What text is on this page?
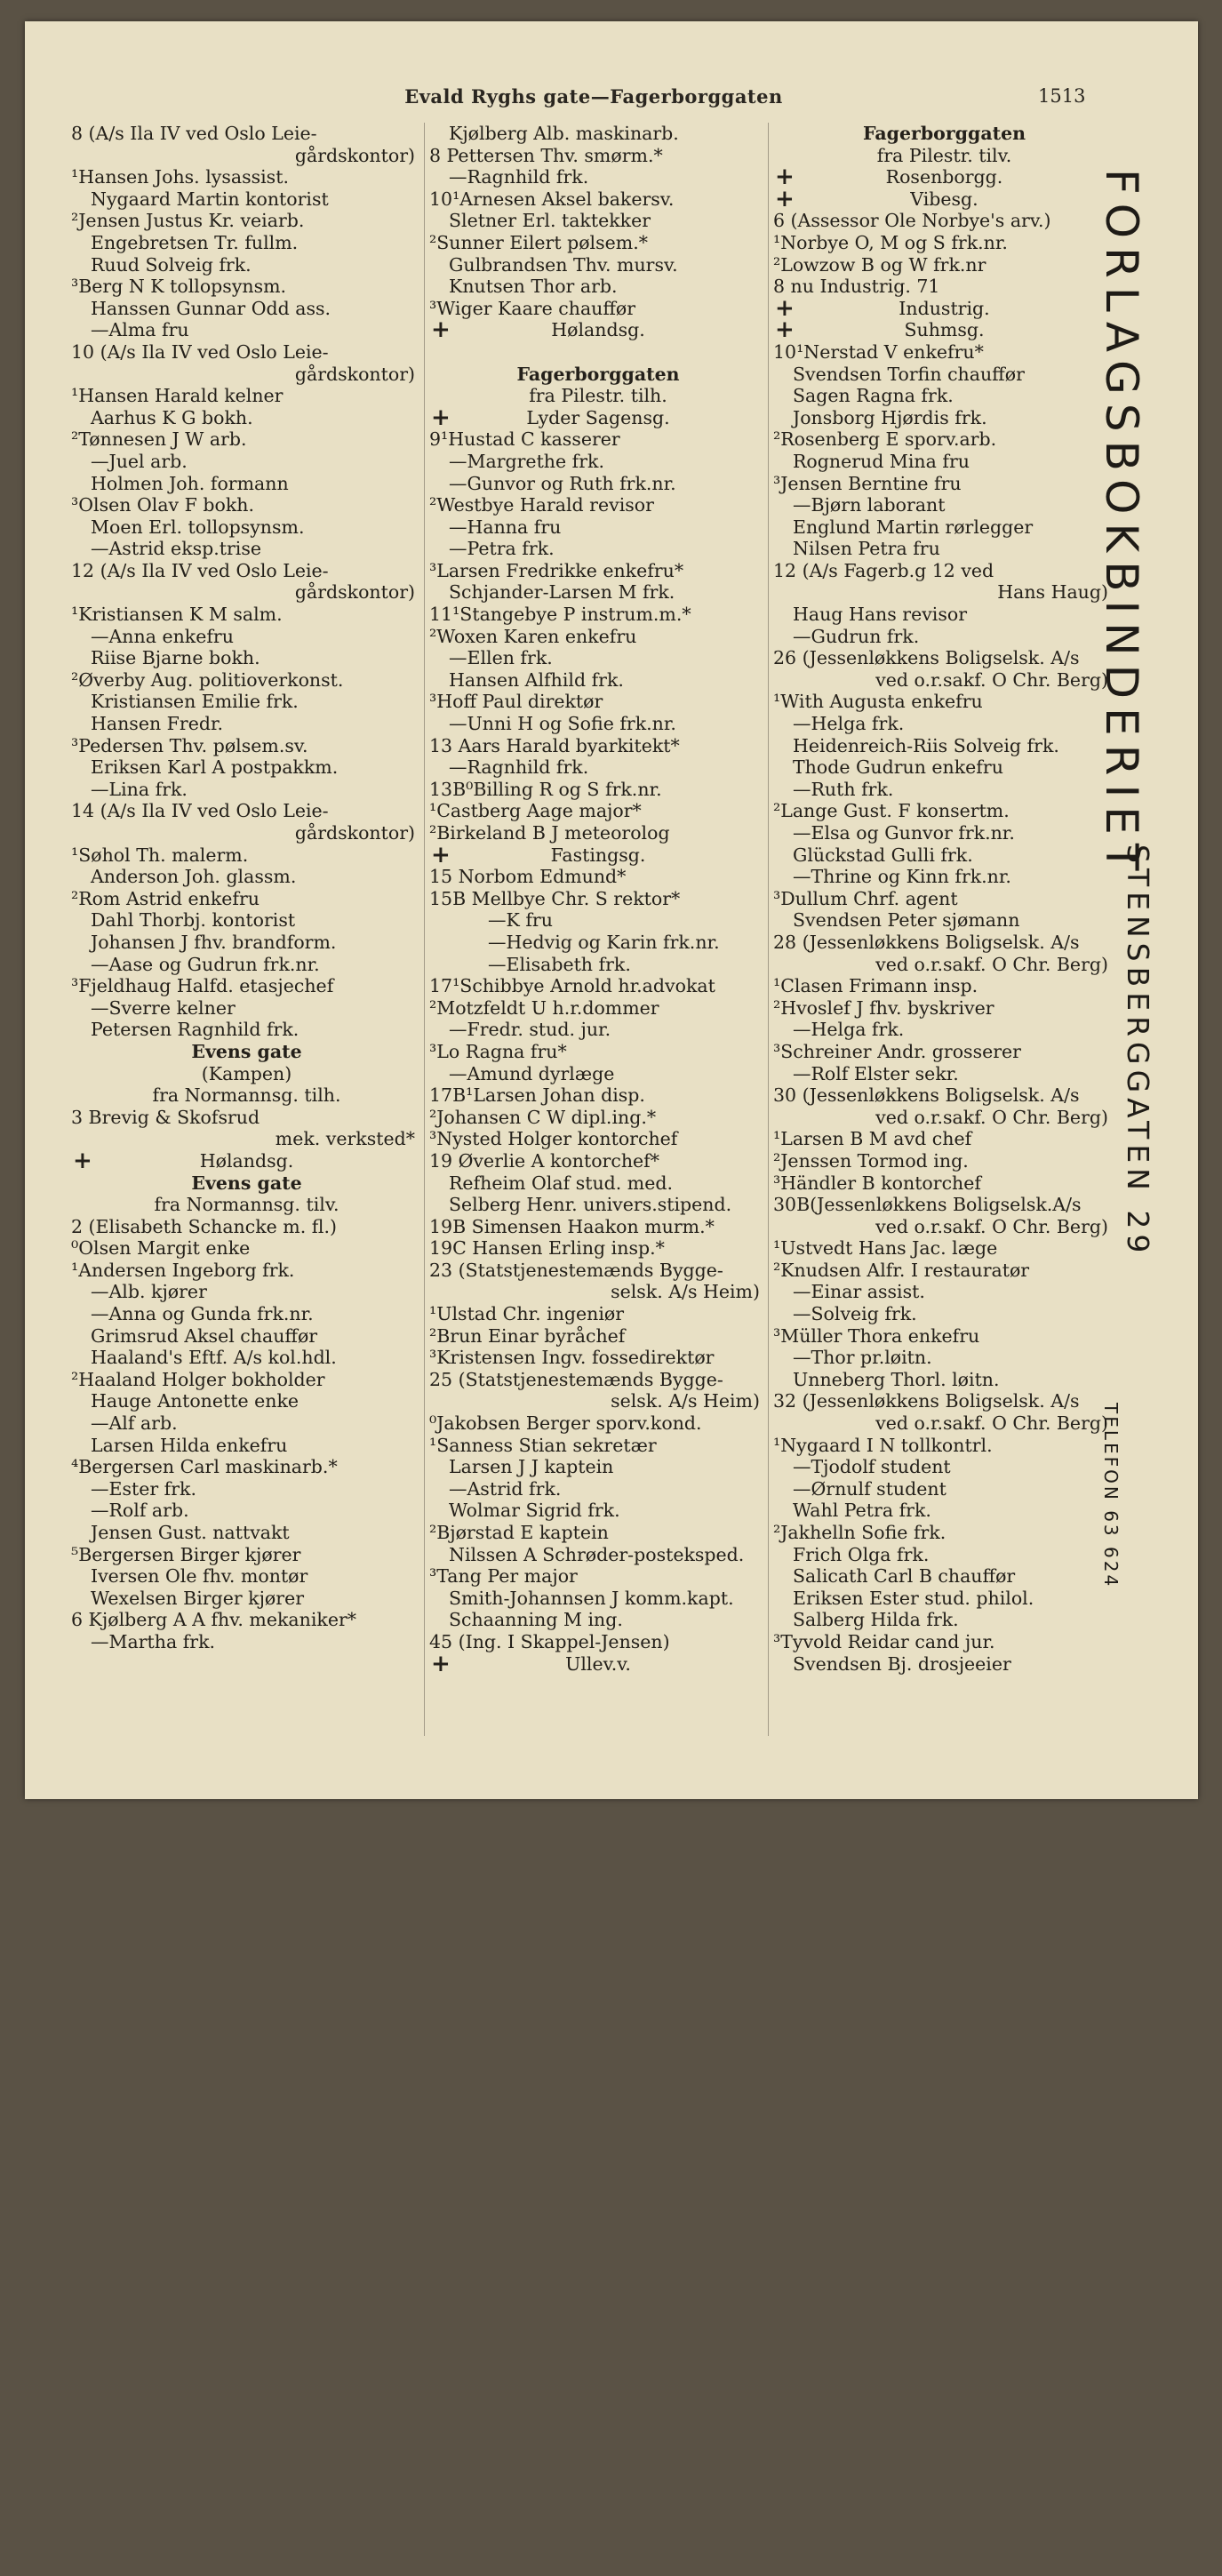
Evald Ryghs gate—Fagerborggaten	1513
8 (A/s Ila IV ved Oslo Leie-
gårdskontor)
¹Hansen Johs. lysassist.
Nygaard Martin kontorist
²Jensen Justus Kr. veiarb.
Engebretsen Tr. fullm.
Ruud Solveig frk.
³Berg N K tollopsynsm.
Hanssen Gunnar Odd ass.
—Alma fru
10 (A/s Ila IV ved Oslo Leie-
gårdskontor)
¹Hansen Harald kelner
Aarhus K G bokh.
²Tønnesen J W arb.
—Juel arb.
Holmen Joh. formann
³Olsen Olav F bokh.
Moen Erl. tollopsynsm.
—Astrid eksp.trise
12 (A/s Ila IV ved Oslo Leie-
gårdskontor)
¹Kristiansen K M salm.
—Anna enkefru
Riise Bjarne bokh.
²Øverby Aug. politioverkonst.
Kristiansen Emilie frk.
Hansen Fredr.
³Pedersen Thv. pølsem.sv.
Eriksen Karl A postpakkm.
—Lina frk.
14 (A/s Ila IV ved Oslo Leie-
gårdskontor)
¹Søhol Th. malerm.
Anderson Joh. glassm.
²Rom Astrid enkefru
Dahl Thorbj. kontorist
Johansen J fhv. brandform.
—Aase og Gudrun frk.nr.
³Fjeldhaug Halfd. etasjechef
—Sverre kelner
Petersen Ragnhild frk.
Evens gate
(Kampen)
fra Normannsg. tilh.
3 Brevig & Skofsrud
mek. verksted*
+	Hølandsg.
Evens gate
fra Normannsg. tilv.
2 (Elisabeth Schancke m. fl.)
⁰Olsen Margit enke
¹Andersen Ingeborg frk.
—Alb. kjører
—Anna og Gunda frk.nr.
Grimsrud Aksel chauffør
Haaland's Eftf. A/s kol.hdl.
²Haaland Holger bokholder
Hauge Antonette enke
—Alf arb.
Larsen Hilda enkefru
⁴Bergersen Carl maskinarb.*
—Ester frk.
—Rolf arb.
Jensen Gust. nattvakt
⁵Bergersen Birger kjører
Iversen Ole fhv. montør
Wexelsen Birger kjører
6 Kjølberg A A fhv. mekaniker*
—Martha frk.
Kjølberg Alb. maskinarb.
8 Pettersen Thv. smørm.*
—Ragnhild frk.
10¹Arnesen Aksel bakersv.
Sletner Erl. taktekker
²Sunner Eilert pølsem.*
Gulbrandsen Thv. mursv.
Knutsen Thor arb.
³Wiger Kaare chauffør
+	Hølandsg.
Fagerborggaten
fra Pilestr. tilh.
+	Lyder Sagensg.
9¹Hustad C kasserer
—Margrethe frk.
—Gunvor og Ruth frk.nr.
²Westbye Harald revisor
—Hanna fru
—Petra frk.
³Larsen Fredrikke enkefru*
Schjander-Larsen M frk.
11¹Stangebye P instrum.m.*
²Woxen Karen enkefru
—Ellen frk.
Hansen Alfhild frk.
³Hoff Paul direktør
—Unni H og Sofie frk.nr.
13 Aars Harald byarkitekt*
—Ragnhild frk.
13B⁰Billing R og S frk.nr.
¹Castberg Aage major*
²Birkeland B J meteorolog
+	Fastingsg.
15 Norbom Edmund*
15B Mellbye Chr. S rektor*
—K fru
—Hedvig og Karin frk.nr.
—Elisabeth frk.
17¹Schibbye Arnold hr.advokat
²Motzfeldt U h.r.dommer
—Fredr. stud. jur.
³Lo Ragna fru*
—Amund dyrlæge
17B¹Larsen Johan disp.
²Johansen C W dipl.ing.*
³Nysted Holger kontorchef
19 Øverlie A kontorchef*
Refheim Olaf stud. med.
Selberg Henr. univers.stipend.
19B Simensen Haakon murm.*
19C Hansen Erling insp.*
23 (Statstjenestemænds Bygge-
selsk. A/s Heim)
¹Ulstad Chr. ingeniør
²Brun Einar byråchef
³Kristensen Ingv. fossedirektør
25 (Statstjenestemænds Bygge-
selsk. A/s Heim)
⁰Jakobsen Berger sporv.kond.
¹Sanness Stian sekretær
Larsen J J kaptein
—Astrid frk.
Wolmar Sigrid frk.
²Bjørstad E kaptein
Nilssen A Schrøder-posteksped.
³Tang Per major
Smith-Johannsen J komm.kapt.
Schaanning M ing.
45 (Ing. I Skappel-Jensen)
+	Ullev.v.
Fagerborggaten
fra Pilestr. tilv.
+	Rosenborgg.
+	Vibesg.
6 (Assessor Ole Norbye's arv.)
¹Norbye O, M og S frk.nr.
²Lowzow B og W frk.nr
8 nu Industrig. 71
+	Industrig.
+	Suhmsg.
10¹Nerstad V enkefru*
Svendsen Torfin chauffør
Sagen Ragna frk.
Jonsborg Hjørdis frk.
²Rosenberg E sporv.arb.
Rognerud Mina fru
³Jensen Berntine fru
—Bjørn laborant
Englund Martin rørlegger
Nilsen Petra fru
12 (A/s Fagerb.g 12 ved
Hans Haug)
Haug Hans revisor
—Gudrun frk.
26 (Jessenløkkens Boligselsk. A/s
ved o.r.sakf. O Chr. Berg)
¹With Augusta enkefru
—Helga frk.
Heidenreich-Riis Solveig frk.
Thode Gudrun enkefru
—Ruth frk.
²Lange Gust. F konsertm.
—Elsa og Gunvor frk.nr.
Glückstad Gulli frk.
—Thrine og Kinn frk.nr.
³Dullum Chrf. agent
Svendsen Peter sjømann
28 (Jessenløkkens Boligselsk. A/s
ved o.r.sakf. O Chr. Berg)
¹Clasen Frimann insp.
²Hvoslef J fhv. byskriver
—Helga frk.
³Schreiner Andr. grosserer
—Rolf Elster sekr.
30 (Jessenløkkens Boligselsk. A/s
ved o.r.sakf. O Chr. Berg)
¹Larsen B M avd chef
²Jenssen Tormod ing.
³Händler B kontorchef
30B(Jessenløkkens Boligselsk.A/s
ved o.r.sakf. O Chr. Berg)
¹Ustvedt Hans Jac. læge
²Knudsen Alfr. I restauratør
—Einar assist.
—Solveig frk.
³Müller Thora enkefru
—Thor pr.løitn.
Unneberg Thorl. løitn.
32 (Jessenløkkens Boligselsk. A/s
ved o.r.sakf. O Chr. Berg)
¹Nygaard I N tollkontrl.
—Tjodolf student
—Ørnulf student
Wahl Petra frk.
²Jakhelln Sofie frk.
Frich Olga frk.
Salicath Carl B chauffør
Eriksen Ester stud. philol.
Salberg Hilda frk.
³Tyvold Reidar cand jur.
Svendsen Bj. drosjeeier
FORLAGSBOKBINDERIET
STENSBERGGATEN 29
TELEFON 63 624
